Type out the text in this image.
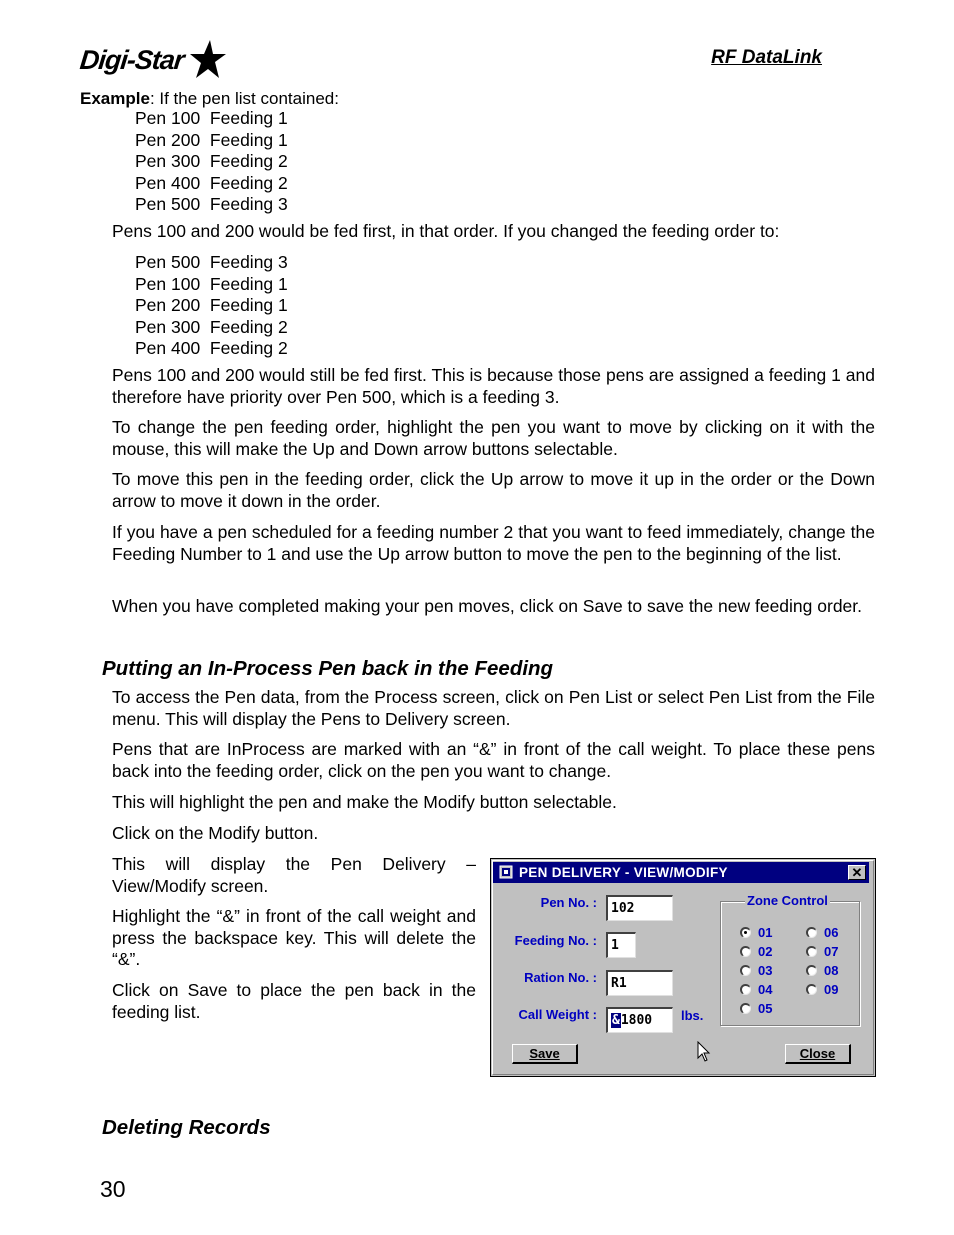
Digi-Star	RF DataLink
Example: If the pen list contained:
Pen 100  Feeding 1
Pen 200  Feeding 1
Pen 300  Feeding 2
Pen 400  Feeding 2
Pen 500  Feeding 3
Pens 100 and 200 would be fed first, in that order. If you changed the feeding order to:
Pen 500  Feeding 3
Pen 100  Feeding 1
Pen 200  Feeding 1
Pen 300  Feeding 2
Pen 400  Feeding 2
Pens 100 and 200 would still be fed first. This is because those pens are assigned a feeding 1 and therefore have priority over Pen 500, which is a feeding 3.
To change the pen feeding order, highlight the pen you want to move by clicking on it with the mouse, this will make the Up and Down arrow buttons selectable.
To move this pen in the feeding order, click the Up arrow to move it up in the order or the Down arrow to move it down in the order.
If you have a pen scheduled for a feeding number 2 that you want to feed immediately, change the Feeding Number to 1 and use the Up arrow button to move the pen to the beginning of the list.
When you have completed making your pen moves, click on Save to save the new feeding order.
Putting an In-Process Pen back in the Feeding
To access the Pen data, from the Process screen, click on Pen List or select Pen List from the File menu. This will display the Pens to Delivery screen.
Pens that are InProcess are marked with an “&” in front of the call weight. To place these pens back into the feeding order, click on the pen you want to change.
This will highlight the pen and make the Modify button selectable.
Click on the Modify button.
This will display the Pen Delivery – View/Modify screen.
Highlight the “&” in front of the call weight and press the backspace key. This will delete the “&”.
Click on Save to place the pen back in the feeding list.
PEN DELIVERY - VIEW/MODIFY	✕
Pen No. :	102
Feeding No. :	1
Ration No. :	R1
Call Weight :	&1800	lbs.
Zone Control
01
02
03
04
05
06
07
08
09
Save	Close
Deleting Records
30
